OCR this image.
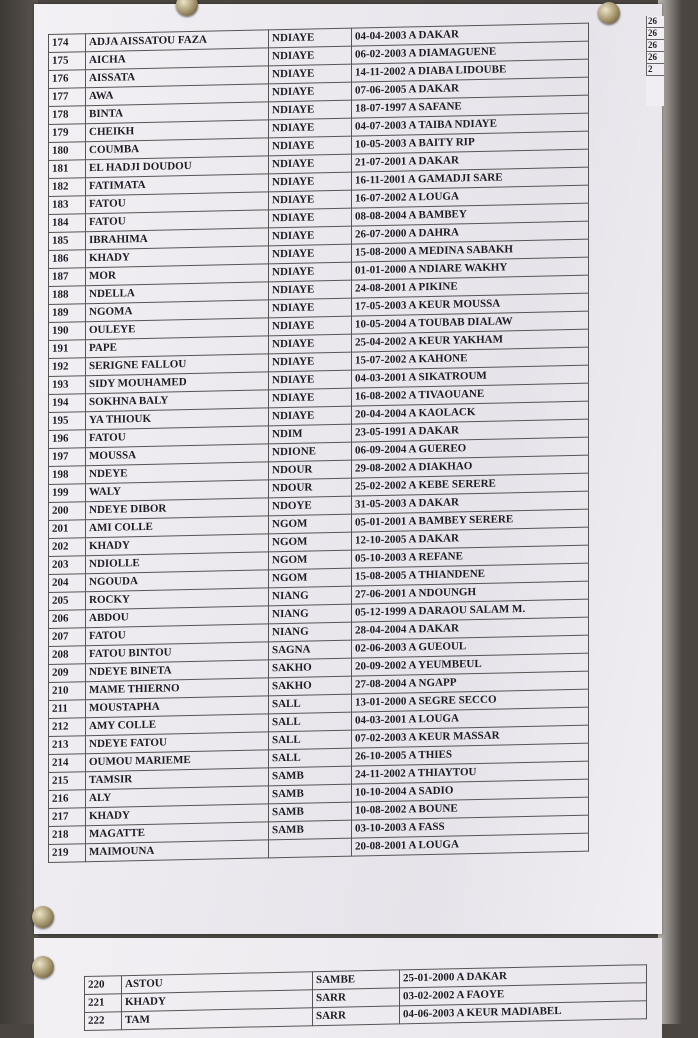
26
26
26
26
2
174	ADJA AISSATOU FAZA	NDIAYE	04-04-2003 A DAKAR
175	AICHA	NDIAYE	06-02-2003 A DIAMAGUENE
176	AISSATA	NDIAYE	14-11-2002 A DIABA LIDOUBE
177	AWA	NDIAYE	07-06-2005 A DAKAR
178	BINTA	NDIAYE	18-07-1997 A SAFANE
179	CHEIKH	NDIAYE	04-07-2003 A TAIBA NDIAYE
180	COUMBA	NDIAYE	10-05-2003 A BAITY RIP
181	EL HADJI DOUDOU	NDIAYE	21-07-2001 A DAKAR
182	FATIMATA	NDIAYE	16-11-2001 A GAMADJI SARE
183	FATOU	NDIAYE	16-07-2002 A LOUGA
184	FATOU	NDIAYE	08-08-2004 A BAMBEY
185	IBRAHIMA	NDIAYE	26-07-2000 A DAHRA
186	KHADY	NDIAYE	15-08-2000 A MEDINA SABAKH
187	MOR	NDIAYE	01-01-2000 A NDIARE WAKHY
188	NDELLA	NDIAYE	24-08-2001 A PIKINE
189	NGOMA	NDIAYE	17-05-2003 A KEUR MOUSSA
190	OULEYE	NDIAYE	10-05-2004 A TOUBAB DIALAW
191	PAPE	NDIAYE	25-04-2002 A KEUR YAKHAM
192	SERIGNE FALLOU	NDIAYE	15-07-2002 A KAHONE
193	SIDY MOUHAMED	NDIAYE	04-03-2001 A SIKATROUM
194	SOKHNA BALY	NDIAYE	16-08-2002 A TIVAOUANE
195	YA THIOUK	NDIAYE	20-04-2004 A KAOLACK
196	FATOU	NDIM	23-05-1991 A DAKAR
197	MOUSSA	NDIONE	06-09-2004 A GUEREO
198	NDEYE	NDOUR	29-08-2002 A DIAKHAO
199	WALY	NDOUR	25-02-2002 A KEBE SERERE
200	NDEYE DIBOR	NDOYE	31-05-2003 A DAKAR
201	AMI COLLE	NGOM	05-01-2001 A BAMBEY SERERE
202	KHADY	NGOM	12-10-2005 A DAKAR
203	NDIOLLE	NGOM	05-10-2003 A REFANE
204	NGOUDA	NGOM	15-08-2005 A THIANDENE
205	ROCKY	NIANG	27-06-2001 A NDOUNGH
206	ABDOU	NIANG	05-12-1999 A DARAOU SALAM M.
207	FATOU	NIANG	28-04-2004 A DAKAR
208	FATOU BINTOU	SAGNA	02-06-2003 A GUEOUL
209	NDEYE BINETA	SAKHO	20-09-2002 A YEUMBEUL
210	MAME THIERNO	SAKHO	27-08-2004 A NGAPP
211	MOUSTAPHA	SALL	13-01-2000 A SEGRE SECCO
212	AMY COLLE	SALL	04-03-2001 A LOUGA
213	NDEYE FATOU	SALL	07-02-2003 A KEUR MASSAR
214	OUMOU MARIEME	SALL	26-10-2005 A THIES
215	TAMSIR	SAMB	24-11-2002 A THIAYTOU
216	ALY	SAMB	10-10-2004 A SADIO
217	KHADY	SAMB	10-08-2002 A BOUNE
218	MAGATTE	SAMB	03-10-2003 A FASS
219	MAIMOUNA		20-08-2001 A LOUGA
220	ASTOU	SAMBE	25-01-2000 A DAKAR
221	KHADY	SARR	03-02-2002 A FAOYE
222	TAM	SARR	04-06-2003 A KEUR MADIABEL
